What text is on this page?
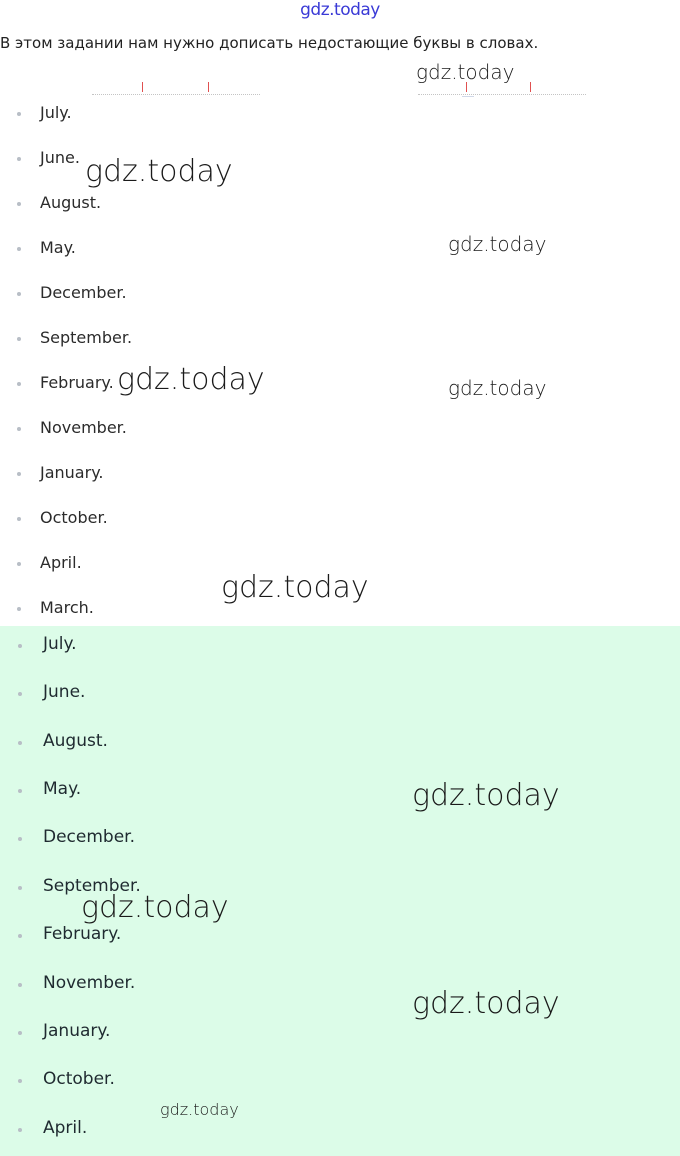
gdz.today
В этом задании нам нужно дописать недостающие буквы в словах.
July.
June.
August.
May.
December.
September.
February.
November.
January.
October.
April.
March.
July.
June.
August.
May.
December.
September.
February.
November.
January.
October.
April.
gdz.today
gdz.today
gdz.today
gdz.today	gdz.today
gdz.today
gdz.today
gdz.today
gdz.today
gdz.today
